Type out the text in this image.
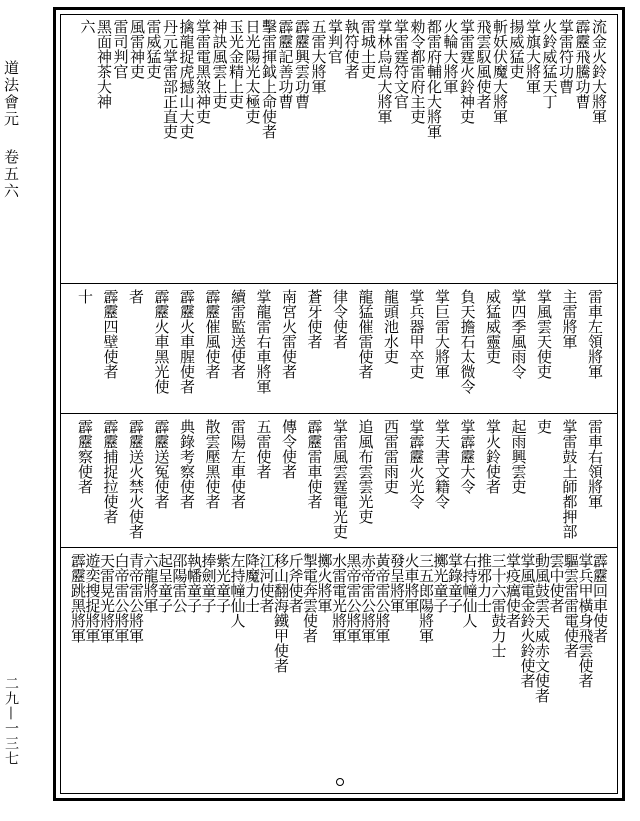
道法會元 卷五六
二九—一三七
流金火鈴大將軍
霹靂飛騰功曹
掌雷符功曹
火鈴威猛天丁
掌旗大將軍
揚威猛吏
斬妖伏魔大將軍
飛雲馭風使者
掌雷霆火鈴神吏
火輪大將軍
都雷府輔化大將軍
勑令都雷府主吏
掌雷霆符文官
掌林烏鳥大將軍
雷城土吏
執符使者
掌判官
五雷大將軍
霹靂興雲功曹
霹靂記善功曹
擊雷揮鉞上命使者
日光陽光太極吏
玉光金精上吏
神訣風雲上吏
掌雷電黑煞神吏
擒龍捉虎撼山大吏
丹元掌雷部正直吏
雷威猛吏
風雷神吏
雷司判官
黑面神茶大神
六
雷車左領將軍
主雷將軍
掌風雲天使吏
掌四季風雨令
威猛威靈吏
負天擔石太微令
掌巨雷大將軍
掌兵器甲卒吏
龍頭池水吏
龍猛催雷使者
律令使者
蒼牙使者
南宮火雷使者
掌龍雷右車將軍
續雷監送使者
霹靂催風使者
霹靂火車腥使者
霹靂火車黑光使者
霹靂四壁使者
十
雷車右領將軍
掌雷鼓土師都押部吏
起雨興雲吏
掌火鈴使者
掌霹靂大令
掌天書文籍令
掌霹靂火光令
西雷雷雨吏
追風布雲雲光吏
掌雷風雲霆電光吏
霹靂雷車使者
傳令使者
五雷使者
雷陽左車使者
散雲壓黑使者
典錄考察使者
霹靂送冤使者
霹靂送火禁火使者
霹靂捕捉拉使者
霹靂察使者
霹靂回車使者
掌兵甲橫身飛雲使者
驅雲雷雷電使者
雲中使者
動風鼓雲天威赤文使者
掌風電金鈴火鈴使者
掌疫癘使者
三十六雷鼓力士
推邪力士
右持幢仙人
掌錄童子
擲光童子
三五郎陽將軍
火車將軍
發呈將軍
黃帝雷公將軍
赤帝雷公將軍
黑帝雷公將軍
水雷電光將軍
擲火將軍
掣電奔雲使者
斤斧使者
移山翻海鐵甲使者
江河使者
降魔力士
左持幢仙人
紫光童子
捧劍童子
執幡童子
邵陽雷公
起呈童子
六龍將軍
青帝雷公將軍
白帝雷公將軍
天雷晃光將軍
遊奕搜捉將軍
霹靂跳黑將軍
